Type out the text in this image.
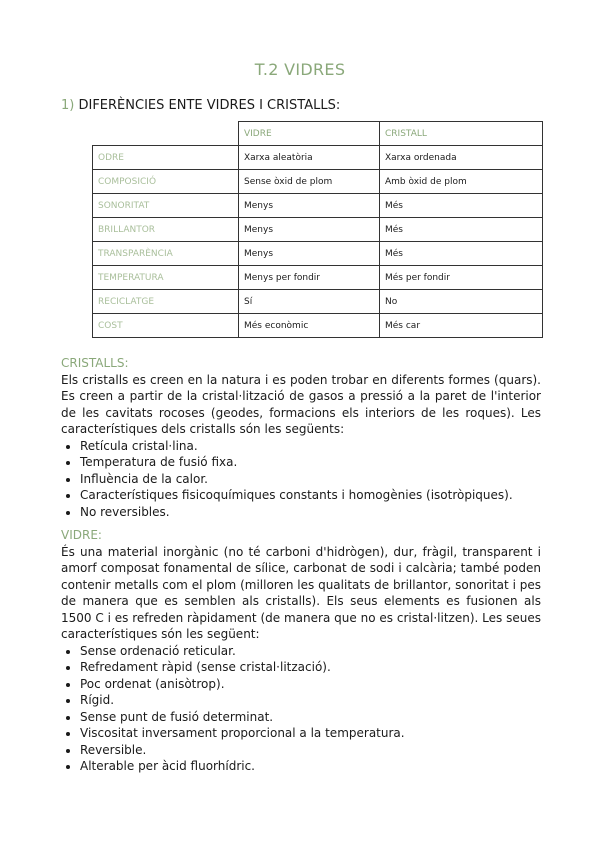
T.2 VIDRES
1) DIFERÈNCIES ENTE VIDRES I CRISTALLS:
	VIDRE	CRISTALL
ODRE	Xarxa aleatòria	Xarxa ordenada
COMPOSICIÓ	Sense òxid de plom	Amb òxid de plom
SONORITAT	Menys	Més
BRILLANTOR	Menys	Més
TRANSPARÈNCIA	Menys	Més
TEMPERATURA	Menys per fondir	Més per fondir
RECICLATGE	Sí	No
COST	Més econòmic	Més car
CRISTALLS:

Els cristalls es creen en la natura i es poden trobar en diferents formes (quars). Es creen a partir de la cristal·lització de gasos a pressió a la paret de l'interior de les cavitats rocoses (geodes, formacions els interiors de les roques). Les característiques dels cristalls són les següents:

• Retícula cristal·lina.
• Temperatura de fusió fixa.
• Influència de la calor.
• Característiques fisicoquímiques constants i homogènies (isotròpiques).
• No reversibles.
VIDRE:

És una material inorgànic (no té carboni d'hidrògen), dur, fràgil, transparent i amorf composat fonamental de sílice, carbonat de sodi i calcària; també poden contenir metalls com el plom (milloren les qualitats de brillantor, sonoritat i pes de manera que es semblen als cristalls). Els seus elements es fusionen als 1500 C i es refreden ràpidament (de manera que no es cristal·litzen). Les seues característiques són les següent:

• Sense ordenació reticular.
• Refredament ràpid (sense cristal·lització).
• Poc ordenat (anisòtrop).
• Rígid.
• Sense punt de fusió determinat.
• Viscositat inversament proporcional a la temperatura.
• Reversible.
• Alterable per àcid fluorhídric.
